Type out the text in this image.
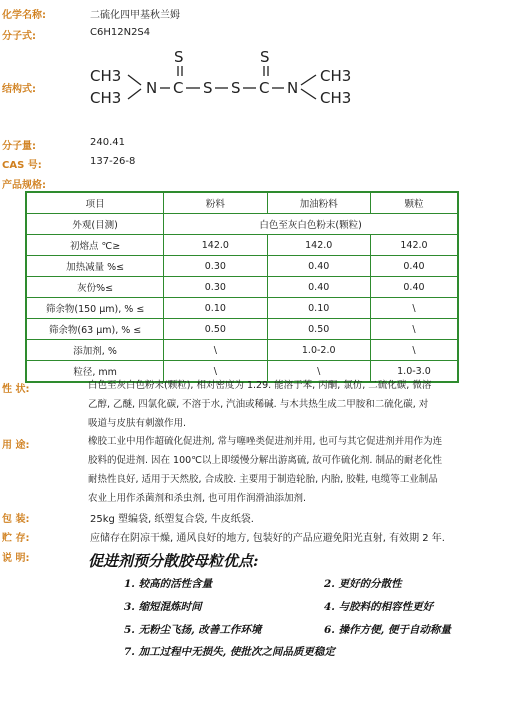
化学名称:	二硫化四甲基秋兰姆
分子式:	C6H12N2S4
结构式:
CH3
CH3
N C
S
S S C
S
N
CH3
CH3
分子量:	240.41
CAS 号:	137-26-8
产品规格:
项目	粉料	加油粉料	颗粒
外观(目测)	白色至灰白色粉末(颗粒)		
初熔点 ℃≥	142.0	142.0	142.0
加热减量 %≤	0.30	0.40	0.40
灰份%≤	0.30	0.40	0.40
筛余物(150 μm), % ≤	0.10	0.10	\
筛余物(63 μm), % ≤	0.50	0.50	\
添加剂, %	\	1.0-2.0	\
粒径, mm	\	\	1.0-3.0
性 状:	白色至灰白色粉末(颗粒), 相对密度为 1.29. 能溶于苯, 丙酮, 氯仿, 二硫化碳, 微溶
乙醇, 乙醚, 四氯化碳, 不溶于水, 汽油或稀碱. 与木共热生成二甲胺和二硫化碳, 对
吸道与皮肤有刺激作用.
用 途:	橡胶工业中用作超硫化促进剂, 常与噻唑类促进剂并用, 也可与其它促进剂并用作为连
胶料的促进剂. 因在 100℃以上即缓慢分解出游离硫, 故可作硫化剂. 制品的耐老化性
耐热性良好, 适用于天然胶, 合成胶. 主要用于制造轮胎, 内胎, 胶鞋, 电缆等工业制品
农业上用作杀菌剂和杀虫剂, 也可用作润滑油添加剂.
包 装:	25kg 塑编袋, 纸塑复合袋, 牛皮纸袋.
贮 存:	应储存在阴凉干燥, 通风良好的地方, 包装好的产品应避免阳光直射, 有效期 2 年.
说 明:	促进剂预分散胶母粒优点:
1. 较高的活性含量	2. 更好的分散性
3. 缩短混炼时间	4. 与胶料的相容性更好
5. 无粉尘飞扬, 改善工作环境	6. 操作方便, 便于自动称量
7. 加工过程中无损失, 使批次之间品质更稳定
